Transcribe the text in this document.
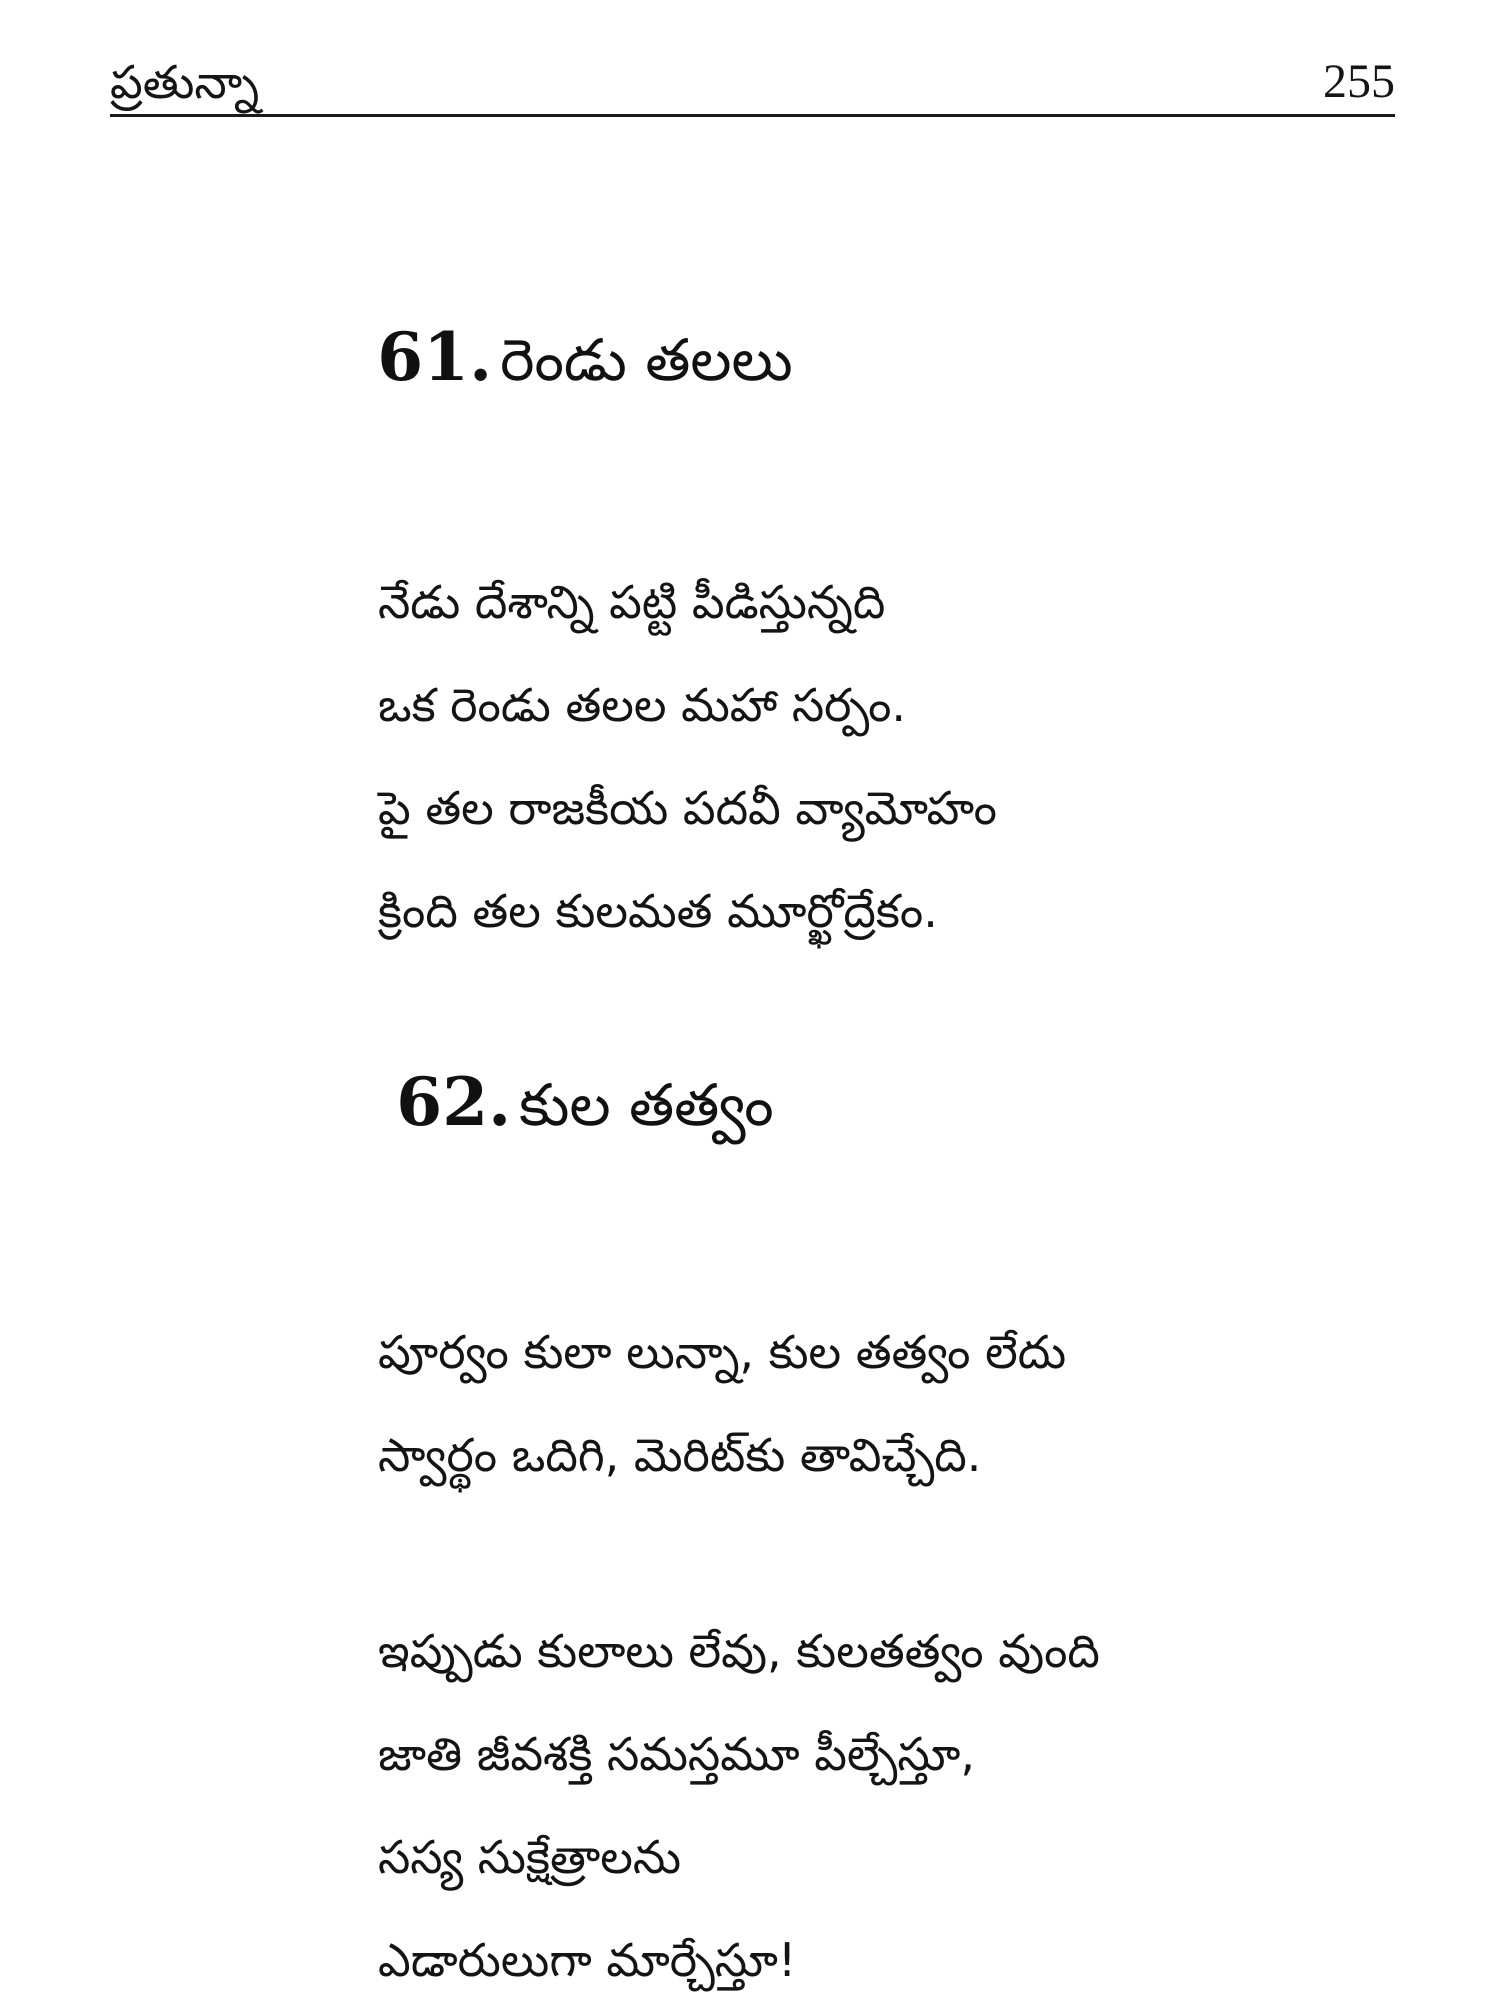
ప్రతున్నా	255
61. రెండు తలలు
నేడు దేశాన్ని పట్టి పీడిస్తున్నది
ఒక రెండు తలల మహా సర్పం.
పై తల రాజకీయ పదవీ వ్యామోహం
క్రింది తల కులమత మూర్ఖోద్రేకం.
62. కుల తత్వం
పూర్వం కులా లున్నా, కుల తత్వం లేదు
స్వార్థం ఒదిగి, మెరిట్‌కు తావిచ్చేది.
ఇప్పుడు కులాలు లేవు, కులతత్వం వుంది
జాతి జీవశక్తి సమస్తమూ పీల్చేస్తూ,
సస్య సుక్షేత్రాలను
ఎడారులుగా మార్చేస్తూ!
